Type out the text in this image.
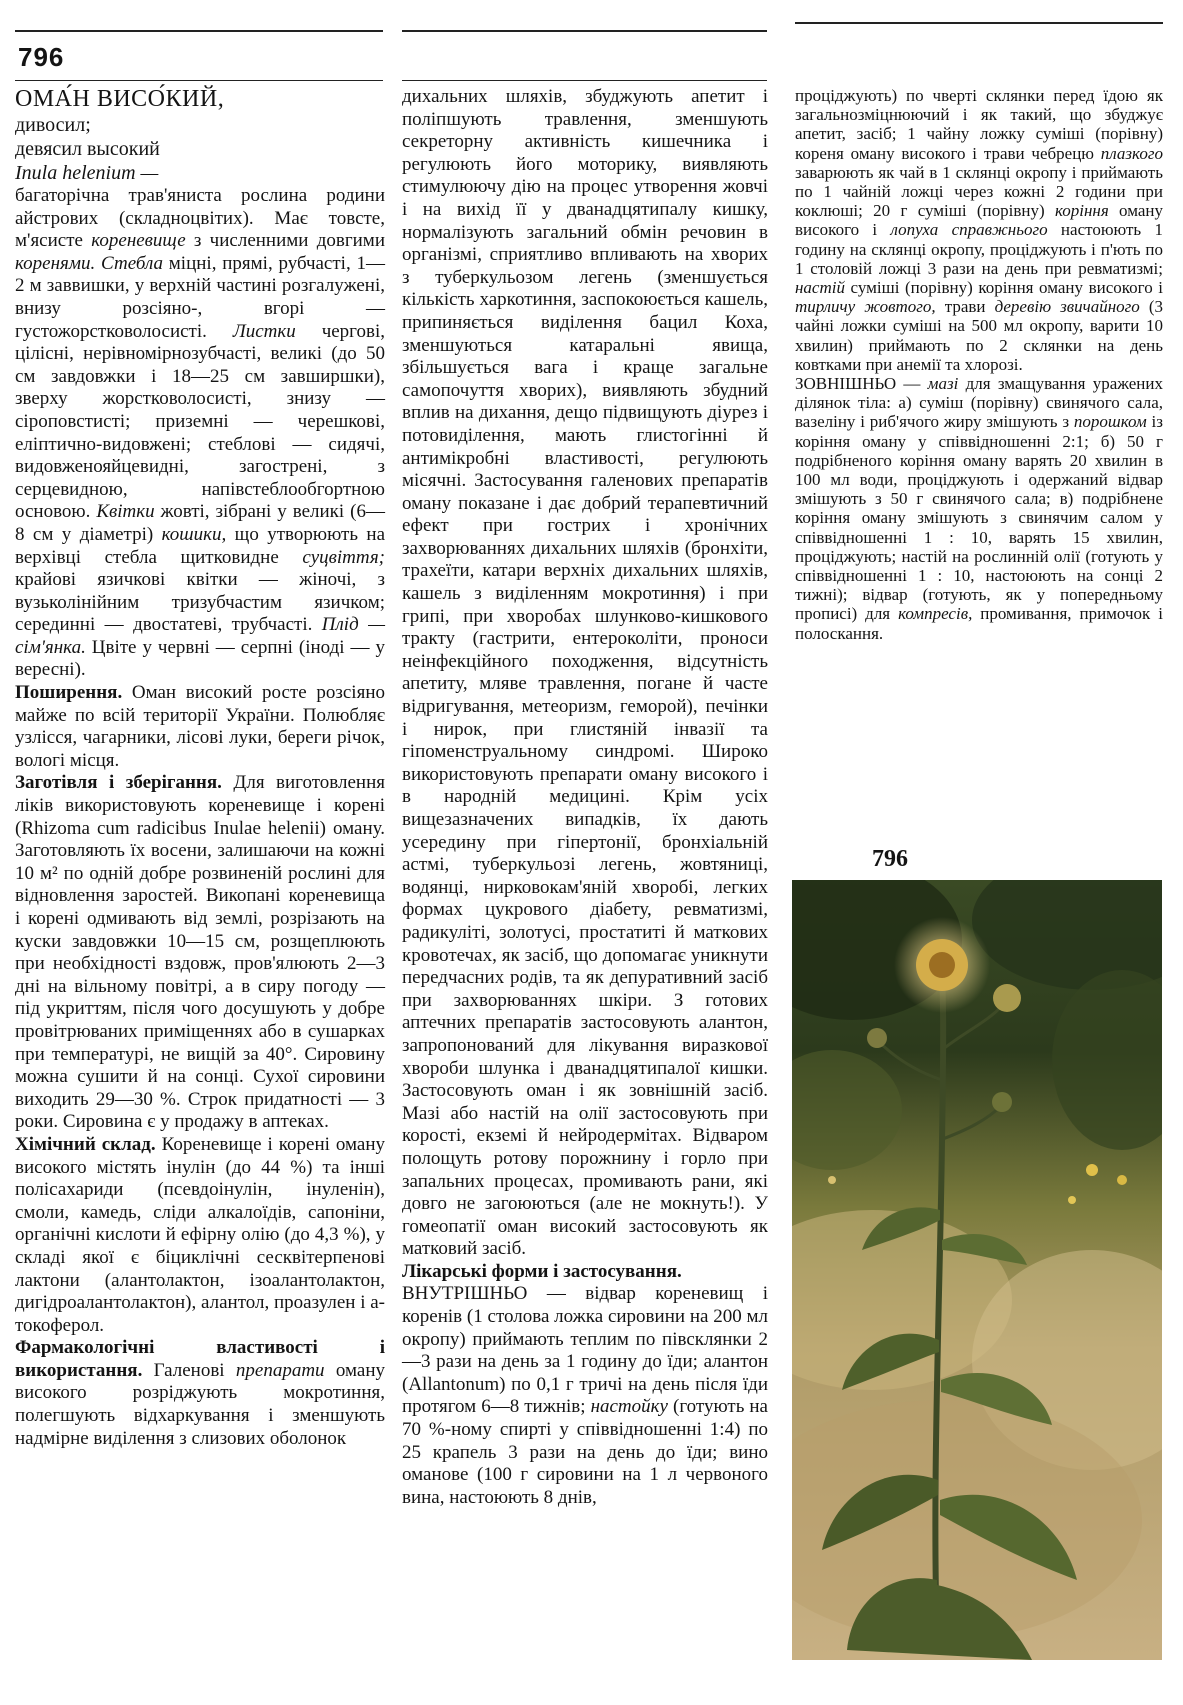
796

ОМА́Н ВИСО́КИЙ,

дивосил;

девясил высокий

Inula helenium —

багаторічна трав'яниста рослина родини айстрових (складноцвітих). Має товсте, м'ясисте кореневище з численними довгими коренями. Стебла міцні, прямі, рубчасті, 1—2 м заввишки, у верхній частині розгалужені, внизу розсіяно-, вгорі — густожорстковолосисті. Листки чергові, цілісні, нерівномірнозубчасті, великі (до 50 см завдовжки і 18—25 см завширшки), зверху жорстковолосисті, знизу — сіроповстисті; приземні — черешкові, еліптично-видовжені; стеблові — сидячі, видовженояйцевидні, загострені, з серцевидною, напівстеблообгортною основою. Квітки жовті, зібрані у великі (6—8 см у діаметрі) кошики, що утворюють на верхівці стебла щитковидне суцвіття; крайові язичкові квітки — жіночі, з вузьколінійним тризубчастим язичком; серединні — двостатеві, трубчасті. Плід — сім'янка. Цвіте у червні — серпні (іноді — у вересні).

Поширення. Оман високий росте розсіяно майже по всій території України. Полюбляє узлісся, чагарники, лісові луки, береги річок, вологі місця.

Заготівля і зберігання. Для виготовлення ліків використовують кореневище і корені (Rhizoma cum radicibus Inulae helenii) оману. Заготовляють їх восени, залишаючи на кожні 10 м² по одній добре розвиненій рослині для відновлення заростей. Викопані кореневища і корені одмивають від землі, розрізають на куски завдовжки 10—15 см, розщеплюють при необхідності вздовж, пров'ялюють 2—3 дні на вільному повітрі, а в сиру погоду — під укриттям, після чого досушують у добре провітрюваних приміщеннях або в сушарках при температурі, не вищій за 40°. Сировину можна сушити й на сонці. Сухої сировини виходить 29—30 %. Строк придатності — 3 роки. Сировина є у продажу в аптеках.

Хімічний склад. Кореневище і корені оману високого містять інулін (до 44 %) та інші полісахариди (псевдоінулін, інуленін), смоли, камедь, сліди алкалоїдів, сапоніни, органічні кислоти й ефірну олію (до 4,3 %), у складі якої є біциклічні сесквітерпенові лактони (алантолактон, ізоалантолактон, дигідроалантолактон), алантол, проазулен і а-токоферол.

Фармакологічні властивості і використання. Галенові препарати оману високого розріджують мокротиння, полегшують відхаркування і зменшують надмірне виділення з слизових оболонок

дихальних шляхів, збуджують апетит і поліпшують травлення, зменшують секреторну активність кишечника і регулюють його моторику, виявляють стимулюючу дію на процес утворення жовчі і на вихід її у дванадцятипалу кишку, нормалізують загальний обмін речовин в організмі, сприятливо впливають на хворих з туберкульозом легень (зменшується кількість харкотиння, заспокоюється кашель, припиняється виділення бацил Коха, зменшуються катаральні явища, збільшується вага і краще загальне самопочуття хворих), виявляють збудний вплив на дихання, дещо підвищують діурез і потовиділення, мають глистогінні й антимікробні властивості, регулюють місячні. Застосування галенових препаратів оману показане і дає добрий терапевтичний ефект при гострих і хронічних захворюваннях дихальних шляхів (бронхіти, трахеїти, катари верхніх дихальних шляхів, кашель з виділенням мокротиння) і при грипі, при хворобах шлунково-кишкового тракту (гастрити, ентероколіти, проноси неінфекційного походження, відсутність апетиту, мляве травлення, погане й часте відригування, метеоризм, геморой), печінки і нирок, при глистяній інвазії та гіпоменструальному синдромі. Широко використовують препарати оману високого і в народній медицині. Крім усіх вищезазначених випадків, їх дають усередину при гіпертонії, бронхіальній астмі, туберкульозі легень, жовтяниці, водянці, нирковокам'яній хворобі, легких формах цукрового діабету, ревматизмі, радикуліті, золотусі, простатиті й маткових кровотечах, як засіб, що допомагає уникнути передчасних родів, та як депуративний засіб при захворюваннях шкіри. З готових аптечних препаратів застосовують алантон, запропонований для лікування виразкової хвороби шлунка і дванадцятипалої кишки. Застосовують оман і як зовнішній засіб. Мазі або настій на олії застосовують при корості, екземі й нейродермітах. Відваром полощуть ротову порожнину і горло при запальних процесах, промивають рани, які довго не загоюються (але не мокнуть!). У гомеопатії оман високий застосовують як матковий засіб.

Лікарські форми і застосування.

ВНУТРІШНЬО — відвар кореневищ і коренів (1 столова ложка сировини на 200 мл окропу) приймають теплим по півсклянки 2—3 рази на день за 1 годину до їди; алантон (Allantonum) по 0,1 г тричі на день після їди протягом 6—8 тижнів; настойку (готують на 70 %-ному спирті у співвідношенні 1:4) по 25 крапель 3 рази на день до їди; вино оманове (100 г сировини на 1 л червоного вина, настоюють 8 днів,

проціджують) по чверті склянки перед їдою як загальнозміцнюючий і як такий, що збуджує апетит, засіб; 1 чайну ложку суміші (порівну) кореня оману високого і трави чебрецю плазкого заварюють як чай в 1 склянці окропу і приймають по 1 чайній ложці через кожні 2 години при коклюші; 20 г суміші (порівну) коріння оману високого і лопуха справжнього настоюють 1 годину на склянці окропу, проціджують і п'ють по 1 столовій ложці 3 рази на день при ревматизмі; настій суміші (порівну) коріння оману високого і тирличу жовтого, трави деревію звичайного (3 чайні ложки суміші на 500 мл окропу, варити 10 хвилин) приймають по 2 склянки на день ковтками при анемії та хлорозі.

ЗОВНІШНЬО — мазі для змащування уражених ділянок тіла: а) суміш (порівну) свинячого сала, вазеліну і риб'ячого жиру змішують з порошком із коріння оману у співвідношенні 2:1; б) 50 г подрібненого коріння оману варять 20 хвилин в 100 мл води, проціджують і одержаний відвар змішують з 50 г свинячого сала; в) подрібнене коріння оману змішують з свинячим салом у співвідношенні 1 : 10, варять 15 хвилин, проціджують; настій на рослинній олії (готують у співвідношенні 1 : 10, настоюють на сонці 2 тижні); відвар (готують, як у попередньому прописі) для компресів, промивання, примочок і полоскання.

796
